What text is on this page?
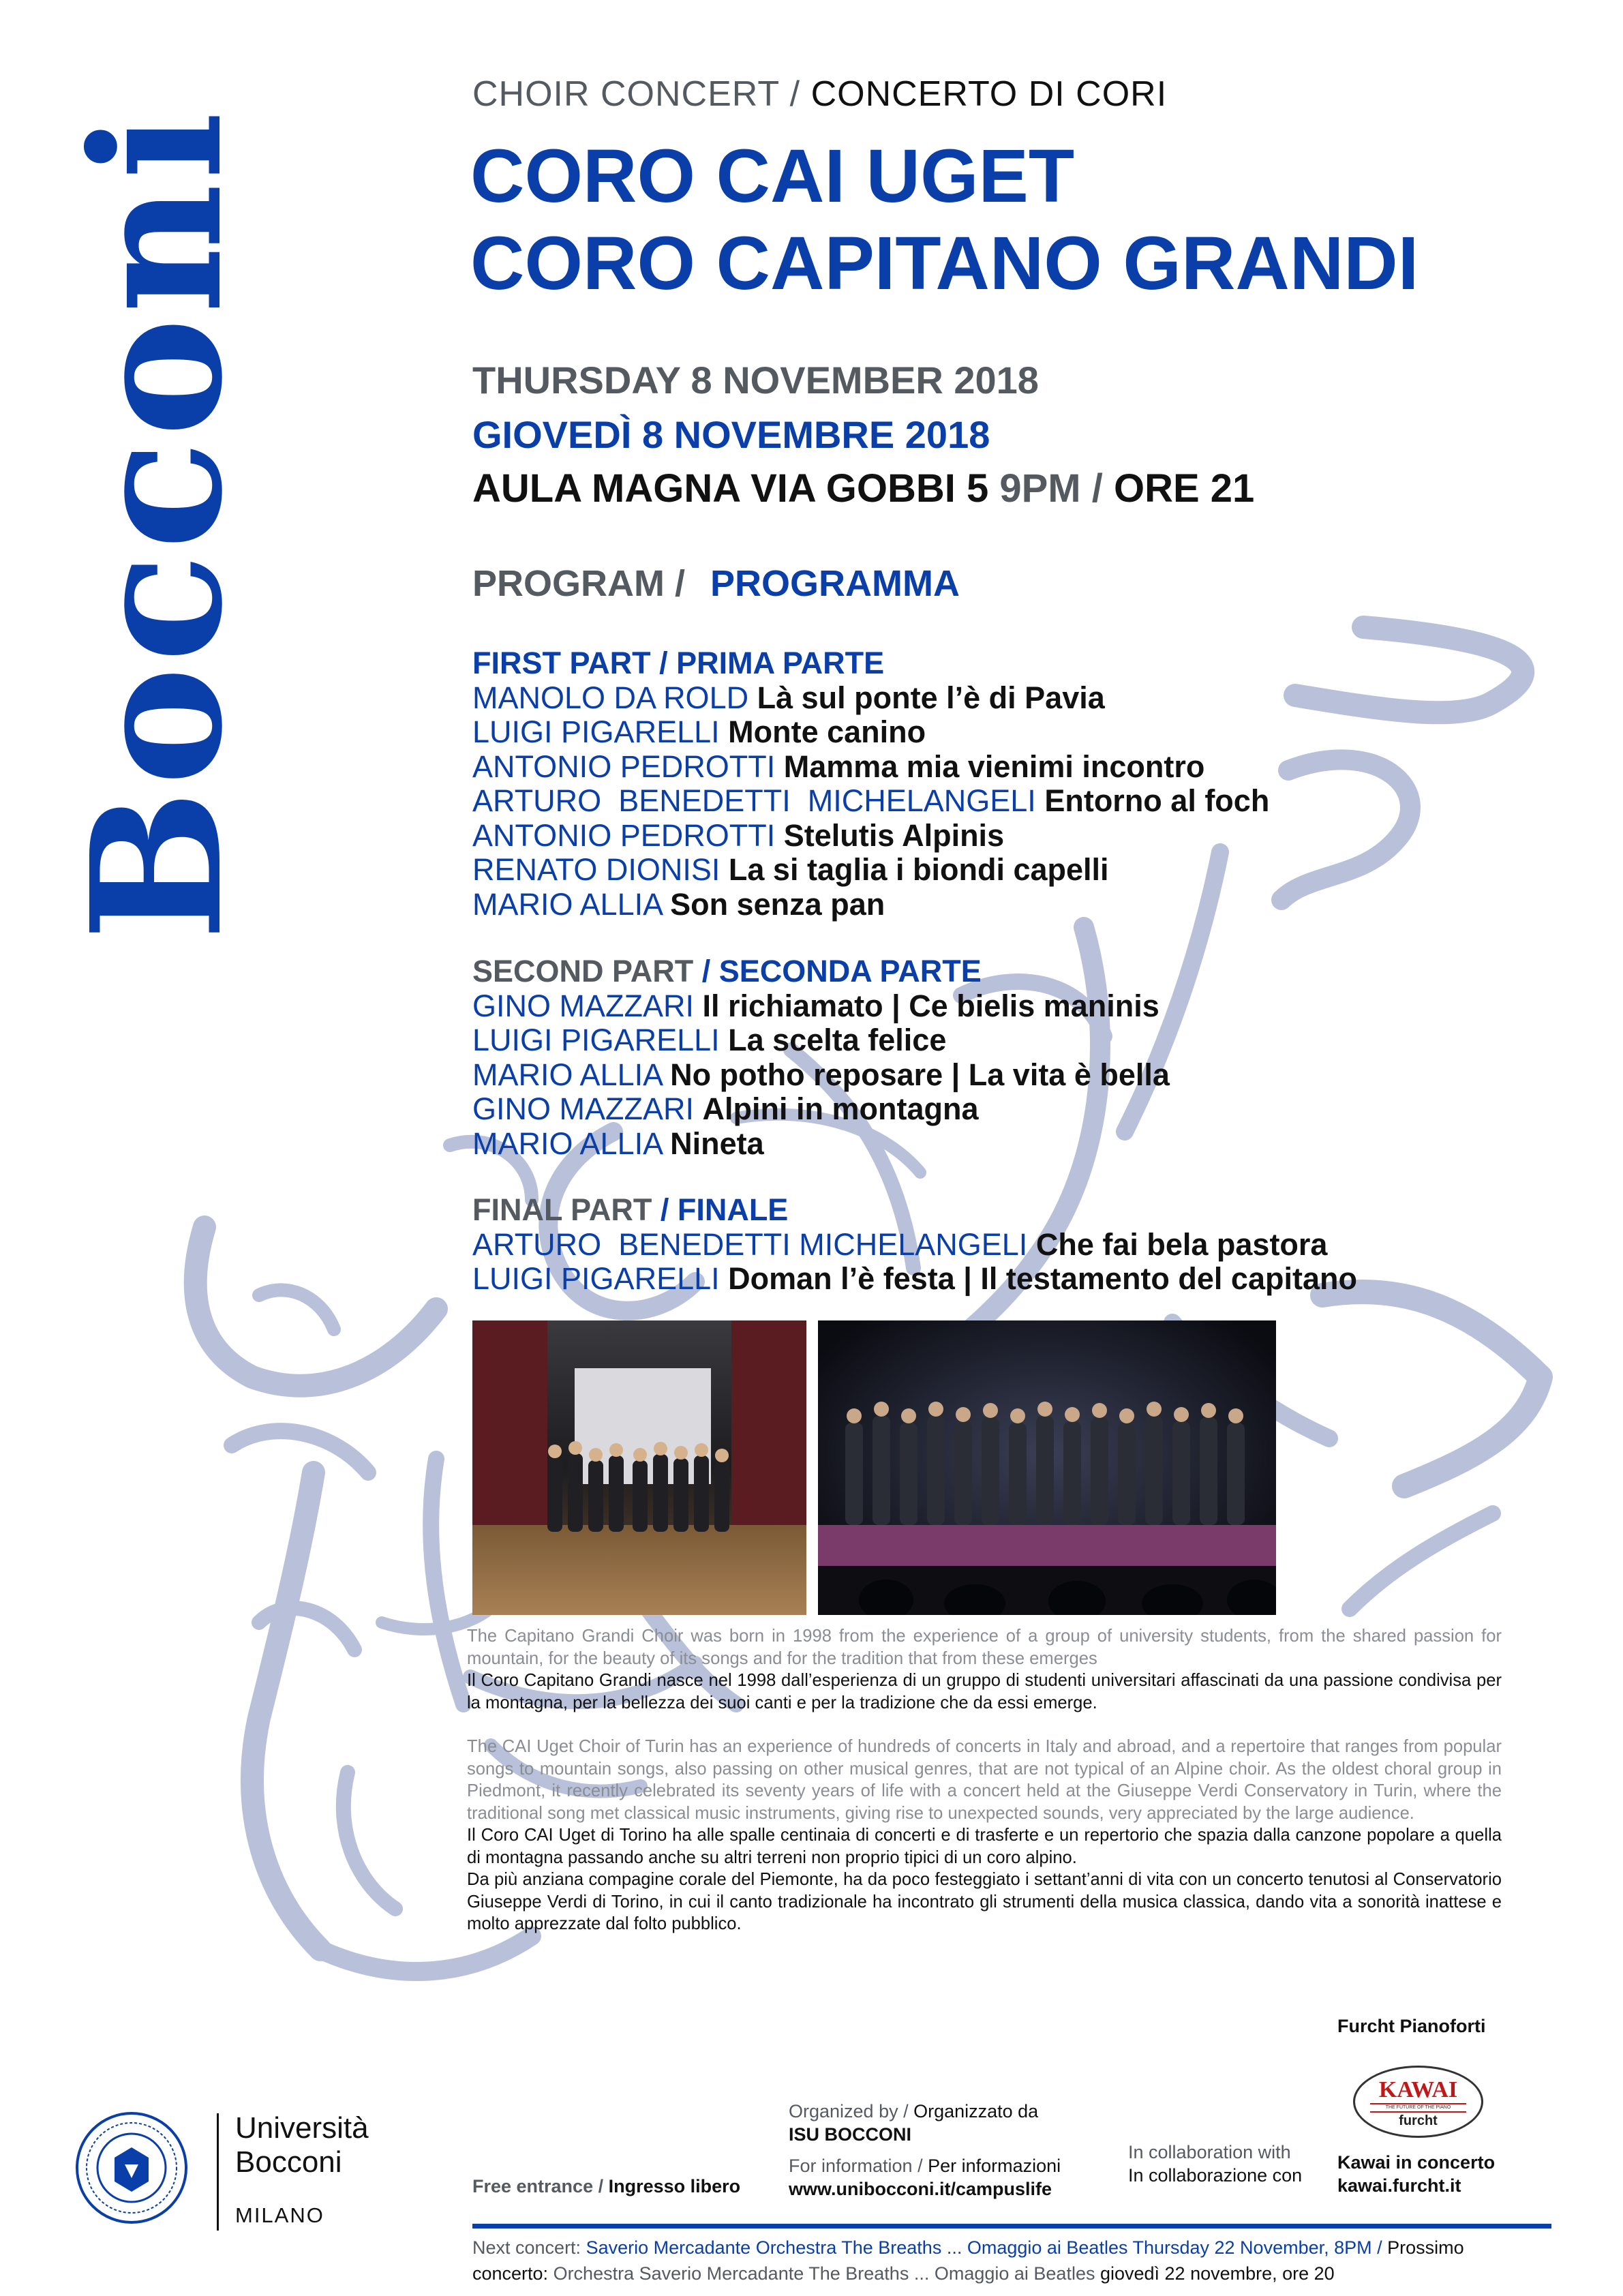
Bocconi
CHOIR CONCERT / CONCERTO DI CORI
CORO CAI UGET
CORO CAPITANO GRANDI
THURSDAY 8 NOVEMBER 2018
GIOVEDÌ 8 NOVEMBRE 2018
AULA MAGNA VIA GOBBI 5 9PM / ORE 21
PROGRAM / PROGRAMMA
FIRST PART / PRIMA PARTE
MANOLO DA ROLD Là sul ponte l’è di Pavia
LUIGI PIGARELLI Monte canino
ANTONIO PEDROTTI Mamma mia vienimi incontro
ARTURO  BENEDETTI  MICHELANGELI Entorno al foch
ANTONIO PEDROTTI Stelutis Alpinis
RENATO DIONISI La si taglia i biondi capelli
MARIO ALLIA Son senza pan
SECOND PART / SECONDA PARTE
GINO MAZZARI Il richiamato | Ce bielis maninis
LUIGI PIGARELLI La scelta felice
MARIO ALLIA No potho reposare | La vita è bella
GINO MAZZARI Alpini in montagna
MARIO ALLIA Nineta
FINAL PART / FINALE
ARTURO  BENEDETTI MICHELANGELI Che fai bela pastora
LUIGI PIGARELLI Doman l’è festa | Il testamento del capitano

The Capitano Grandi Choir was born in 1998 from the experience of a group of university students, from the shared passion for mountain, for the beauty of its songs and for the tradition that from these emerges

Il Coro Capitano Grandi nasce nel 1998 dall’esperienza di un gruppo di studenti universitari affascinati da una passione condivisa per la montagna, per la bellezza dei suoi canti e per la tradizione che da essi emerge.

The CAI Uget Choir of Turin has an experience of hundreds of concerts in Italy and abroad, and a repertoire that ranges from popular songs to mountain songs, also passing on other musical genres, that are not typical of an Alpine choir. As the oldest choral group in Piedmont, it recently celebrated its seventy years of life with a concert held at the Giuseppe Verdi Conservatory in Turin, where the traditional song met classical music instruments, giving rise to unexpected sounds, very appreciated by the large audience.

Il Coro CAI Uget di Torino ha alle spalle centinaia di concerti e di trasferte e un repertorio che spazia dalla canzone popolare a quella di montagna passando anche su altri terreni non proprio tipici di un coro alpino.

Da più anziana compagine corale del Piemonte, ha da poco festeggiato i settant’anni di vita con un concerto tenutosi al Conservatorio Giuseppe Verdi di Torino, in cui il canto tradizionale ha incontrato gli strumenti della musica classica, dando vita a sonorità inattese e molto apprezzate dal folto pubblico.

Università
Bocconi
MILANO
Free entrance / Ingresso libero
Organized by / Organizzato da
ISU BOCCONI
For information / Per informazioni
www.unibocconi.it/campuslife
In collaboration with
In collaborazione con
Furcht Pianoforti
KAWAI
THE FUTURE OF THE PIANO
furcht
Kawai in concerto
kawai.furcht.it
Next concert: Saverio Mercadante Orchestra The Breaths ... Omaggio ai Beatles Thursday 22 November, 8PM / Prossimo
concerto: Orchestra Saverio Mercadante The Breaths ... Omaggio ai Beatles giovedì 22 novembre, ore 20
